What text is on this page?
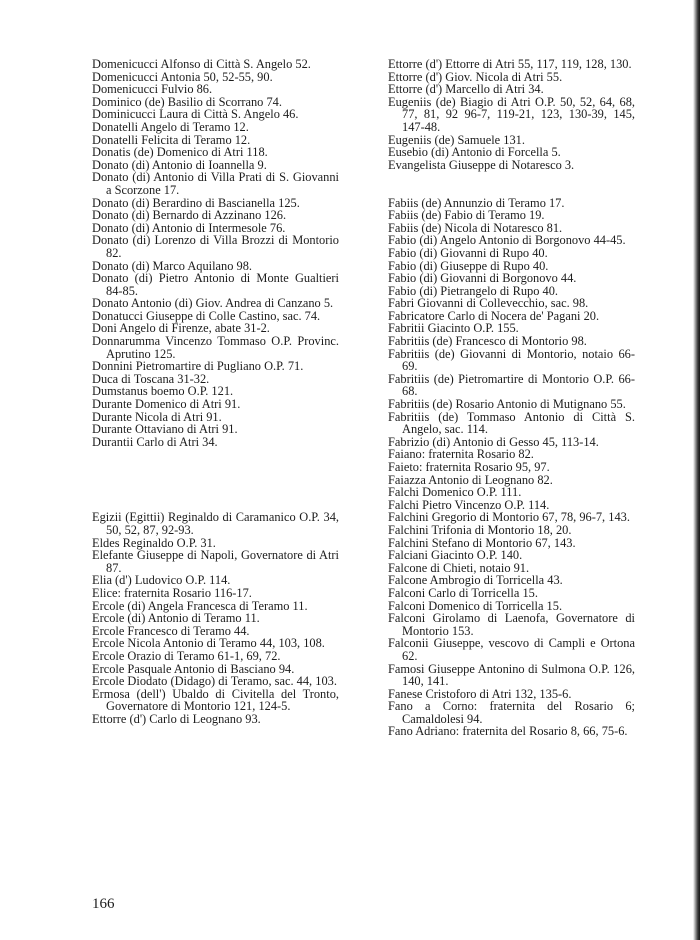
Domenicucci Alfonso di Città S. Angelo 52.
Domenicucci Antonia 50, 52-55, 90.
Domenicucci Fulvio 86.
Dominico (de) Basilio di Scorrano 74.
Dominicucci Laura di Città S. Angelo 46.
Donatelli Angelo di Teramo 12.
Donatelli Felicita di Teramo 12.
Donatis (de) Domenico di Atri 118.
Donato (di) Antonio di Ioannella 9.
Donato (di) Antonio di Villa Prati di S. Giovanni a Scorzone 17.
Donato (di) Berardino di Bascianella 125.
Donato (di) Bernardo di Azzinano 126.
Donato (di) Antonio di Intermesole 76.
Donato (di) Lorenzo di Villa Brozzi di Montorio 82.
Donato (di) Marco Aquilano 98.
Donato (di) Pietro Antonio di Monte Gualtieri 84-85.
Donato Antonio (di) Giov. Andrea di Canzano 5.
Donatucci Giuseppe di Colle Castino, sac. 74.
Doni Angelo di Firenze, abate 31-2.
Donnarumma Vincenzo Tommaso O.P. Provinc. Aprutino 125.
Donnini Pietromartire di Pugliano O.P. 71.
Duca di Toscana 31-32.
Dumstanus boemo O.P. 121.
Durante Domenico di Atri 91.
Durante Nicola di Atri 91.
Durante Ottaviano di Atri 91.
Durantii Carlo di Atri 34.
Egizii (Egittii) Reginaldo di Caramanico O.P. 34, 50, 52, 87, 92-93.
Eldes Reginaldo O.P. 31.
Elefante Giuseppe di Napoli, Governatore di Atri 87.
Elia (d') Ludovico O.P. 114.
Elice: fraternita Rosario 116-17.
Ercole (di) Angela Francesca di Teramo 11.
Ercole (di) Antonio di Teramo 11.
Ercole Francesco di Teramo 44.
Ercole Nicola Antonio di Teramo 44, 103, 108.
Ercole Orazio di Teramo 61-1, 69, 72.
Ercole Pasquale Antonio di Basciano 94.
Ercole Diodato (Didago) di Teramo, sac. 44, 103.
Ermosa (dell') Ubaldo di Civitella del Tronto, Governatore di Montorio 121, 124-5.
Ettorre (d') Carlo di Leognano 93.
Ettorre (d') Ettorre di Atri 55, 117, 119, 128, 130.
Ettorre (d') Giov. Nicola di Atri 55.
Ettorre (d') Marcello di Atri 34.
Eugeniis (de) Biagio di Atri O.P. 50, 52, 64, 68, 77, 81, 92 96-7, 119-21, 123, 130-39, 145, 147-48.
Eugeniis (de) Samuele 131.
Eusebio (di) Antonio di Forcella 5.
Evangelista Giuseppe di Notaresco 3.
Fabiis (de) Annunzio di Teramo 17.
Fabiis (de) Fabio di Teramo 19.
Fabiis (de) Nicola di Notaresco 81.
Fabio (di) Angelo Antonio di Borgonovo 44-45.
Fabio (di) Giovanni di Rupo 40.
Fabio (di) Giuseppe di Rupo 40.
Fabio (di) Giovanni di Borgonovo 44.
Fabio (di) Pietrangelo di Rupo 40.
Fabri Giovanni di Collevecchio, sac. 98.
Fabricatore Carlo di Nocera de' Pagani 20.
Fabritii Giacinto O.P. 155.
Fabritiis (de) Francesco di Montorio 98.
Fabritiis (de) Giovanni di Montorio, notaio 66-69.
Fabritiis (de) Pietromartire di Montorio O.P. 66-68.
Fabritiis (de) Rosario Antonio di Mutignano 55.
Fabritiis (de) Tommaso Antonio di Città S. Angelo, sac. 114.
Fabrizio (di) Antonio di Gesso 45, 113-14.
Faiano: fraternita Rosario 82.
Faieto: fraternita Rosario 95, 97.
Faiazza Antonio di Leognano 82.
Falchi Domenico O.P. 111.
Falchi Pietro Vincenzo O.P. 114.
Falchini Gregorio di Montorio 67, 78, 96-7, 143.
Falchini Trifonia di Montorio 18, 20.
Falchini Stefano di Montorio 67, 143.
Falciani Giacinto O.P. 140.
Falcone di Chieti, notaio 91.
Falcone Ambrogio di Torricella 43.
Falconi Carlo di Torricella 15.
Falconi Domenico di Torricella 15.
Falconi Girolamo di Laenofa, Governatore di Montorio 153.
Falconii Giuseppe, vescovo di Campli e Ortona 62.
Famosi Giuseppe Antonino di Sulmona O.P. 126, 140, 141.
Fanese Cristoforo di Atri 132, 135-6.
Fano a Corno: fraternita del Rosario 6; Camaldolesi 94.
Fano Adriano: fraternita del Rosario 8, 66, 75-6.
166
